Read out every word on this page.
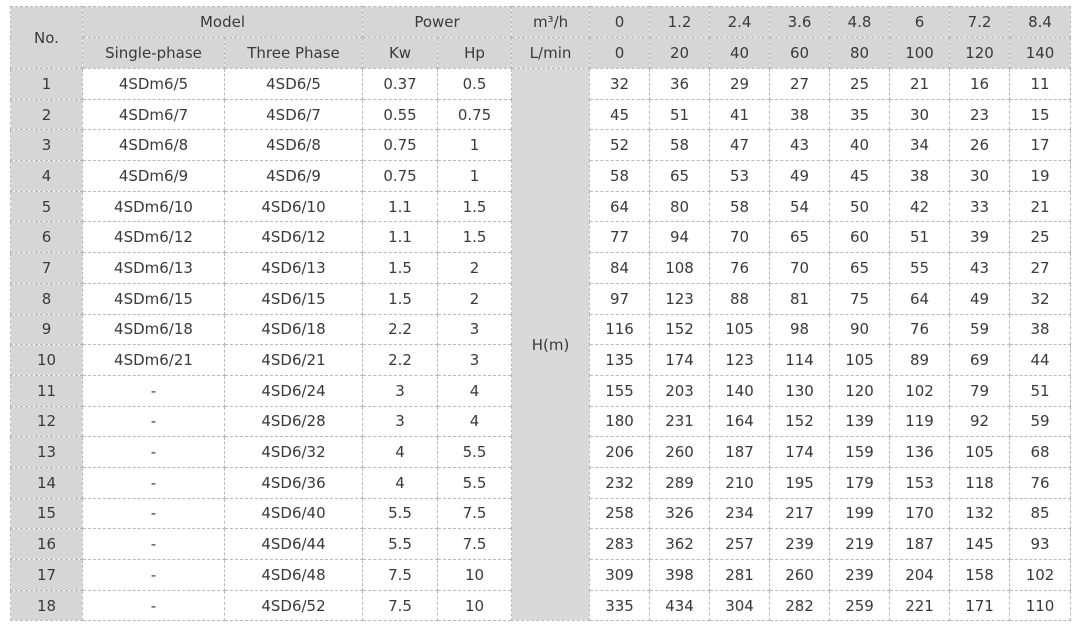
No.	Model		Power		m³/h	0	1.2	2.4	3.6	4.8	6	7.2	8.4
	Single-phase	Three Phase	Kw	Hp	L/min	0	20	40	60	80	100	120	140
1	4SDm6/5	4SD6/5	0.37	0.5	H(m)	32	36	29	27	25	21	16	11
2	4SDm6/7	4SD6/7	0.55	0.75		45	51	41	38	35	30	23	15
3	4SDm6/8	4SD6/8	0.75	1		52	58	47	43	40	34	26	17
4	4SDm6/9	4SD6/9	0.75	1		58	65	53	49	45	38	30	19
5	4SDm6/10	4SD6/10	1.1	1.5		64	80	58	54	50	42	33	21
6	4SDm6/12	4SD6/12	1.1	1.5		77	94	70	65	60	51	39	25
7	4SDm6/13	4SD6/13	1.5	2		84	108	76	70	65	55	43	27
8	4SDm6/15	4SD6/15	1.5	2		97	123	88	81	75	64	49	32
9	4SDm6/18	4SD6/18	2.2	3		116	152	105	98	90	76	59	38
10	4SDm6/21	4SD6/21	2.2	3		135	174	123	114	105	89	69	44
11	-	4SD6/24	3	4		155	203	140	130	120	102	79	51
12	-	4SD6/28	3	4		180	231	164	152	139	119	92	59
13	-	4SD6/32	4	5.5		206	260	187	174	159	136	105	68
14	-	4SD6/36	4	5.5		232	289	210	195	179	153	118	76
15	-	4SD6/40	5.5	7.5		258	326	234	217	199	170	132	85
16	-	4SD6/44	5.5	7.5		283	362	257	239	219	187	145	93
17	-	4SD6/48	7.5	10		309	398	281	260	239	204	158	102
18	-	4SD6/52	7.5	10		335	434	304	282	259	221	171	110
